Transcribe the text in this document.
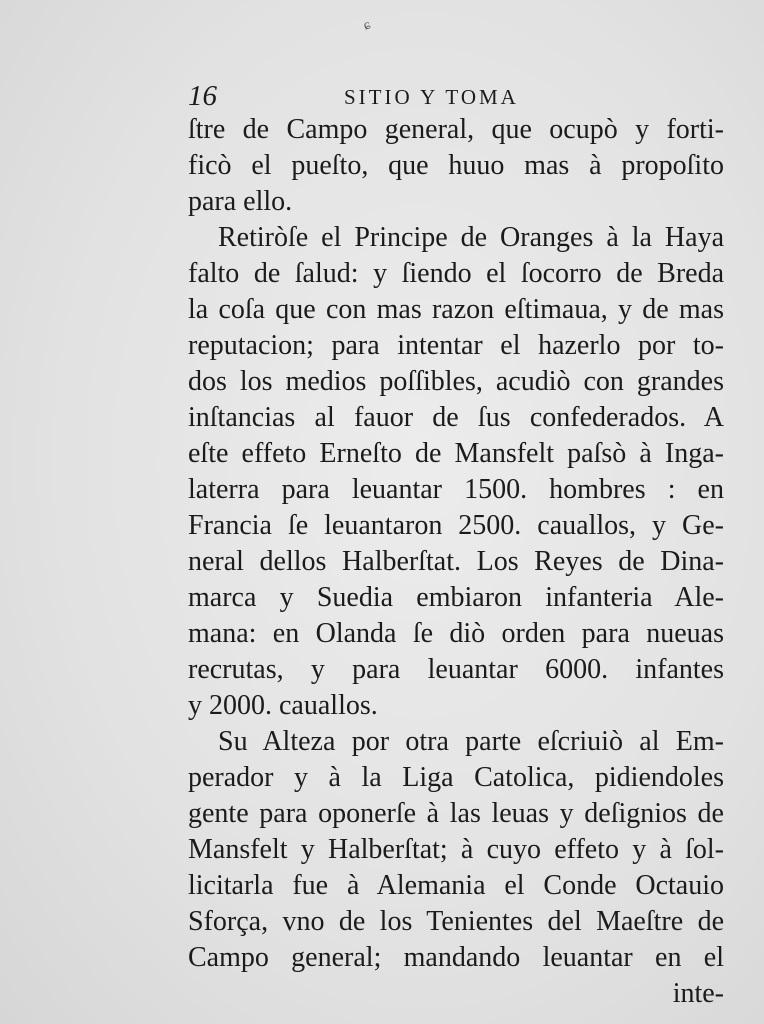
ɕ
16	SITIO Y TOMA
ſtre de Campo general, que ocupò y forti-
ficò el pueſto, que huuo mas à propoſito
para ello.
Retiròſe el Principe de Oranges à la Haya
falto de ſalud: y ſiendo el ſocorro de Breda
la coſa que con mas razon eſtimaua, y de mas
reputacion; para intentar el hazerlo por to-
dos los medios poſſibles, acudiò con grandes
inſtancias al fauor de ſus confederados. A
eſte effeto Erneſto de Mansfelt paſsò à Inga-
laterra para leuantar 1500. hombres : en
Francia ſe leuantaron 2500. cauallos, y Ge-
neral dellos Halberſtat. Los Reyes de Dina-
marca y Suedia embiaron infanteria Ale-
mana: en Olanda ſe diò orden para nueuas
recrutas, y para leuantar 6000. infantes
y 2000. cauallos.
Su Alteza por otra parte eſcriuiò al Em-
perador y à la Liga Catolica, pidiendoles
gente para oponerſe à las leuas y deſignios de
Mansfelt y Halberſtat; à cuyo effeto y à ſol-
licitarla fue à Alemania el Conde Octauio
Sforça, vno de los Tenientes del Maeſtre de
Campo general; mandando leuantar en el
inte-
